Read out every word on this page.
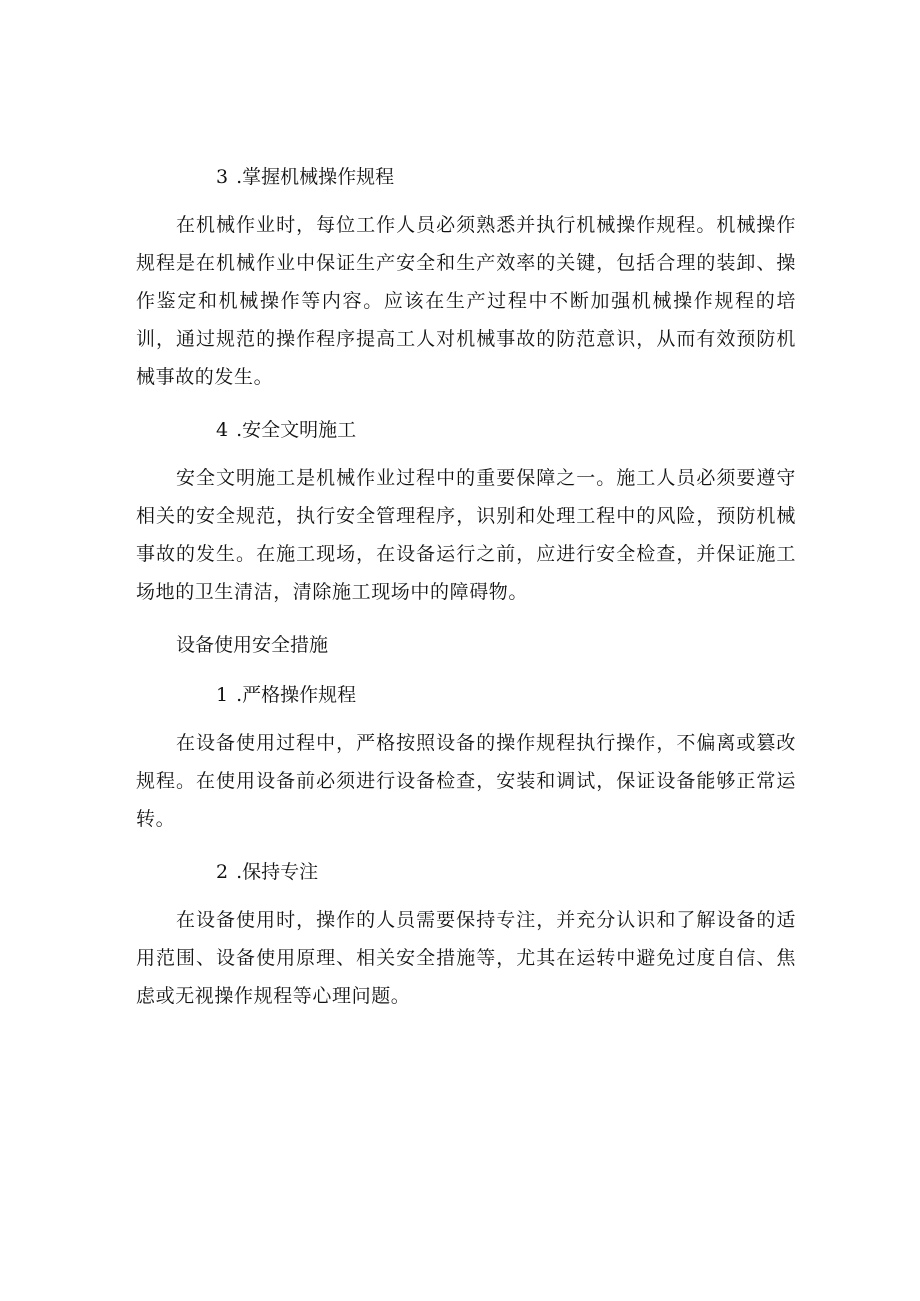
3 .掌握机械操作规程

在机械作业时，每位工作人员必须熟悉并执行机械操作规程。机械操作规程是在机械作业中保证生产安全和生产效率的关键，包括合理的装卸、操作鉴定和机械操作等内容。应该在生产过程中不断加强机械操作规程的培训，通过规范的操作程序提高工人对机械事故的防范意识，从而有效预防机械事故的发生。

4 .安全文明施工

安全文明施工是机械作业过程中的重要保障之一。施工人员必须要遵守相关的安全规范，执行安全管理程序，识别和处理工程中的风险，预防机械事故的发生。在施工现场，在设备运行之前，应进行安全检查，并保证施工场地的卫生清洁，清除施工现场中的障碍物。

设备使用安全措施
1 .严格操作规程

在设备使用过程中，严格按照设备的操作规程执行操作，不偏离或篡改规程。在使用设备前必须进行设备检查，安装和调试，保证设备能够正常运转。

2 .保持专注

在设备使用时，操作的人员需要保持专注，并充分认识和了解设备的适用范围、设备使用原理、相关安全措施等，尤其在运转中避免过度自信、焦虑或无视操作规程等心理问题。
